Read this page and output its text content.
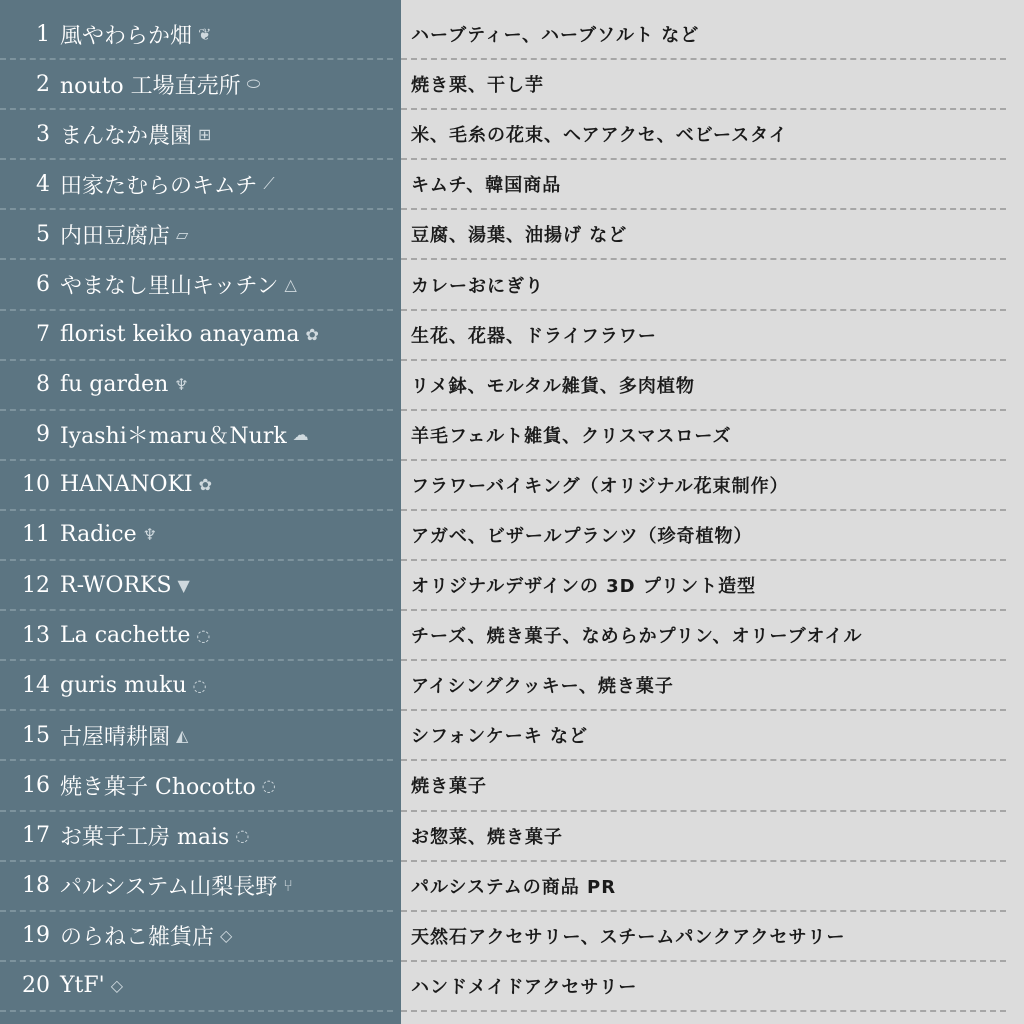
1 風やわらか畑 ❦
2 nouto 工場直売所 ⬭
3 まんなか農園 ⊞
4 田家たむらのキムチ ⟋
5 内田豆腐店 ▱
6 やまなし里山キッチン △
7 florist keiko anayama ✿
8 fu garden ♆
9 Iyashi＊maru＆Nurk ☁
10 HANANOKI ✿
11 Radice ♆
12 R-WORKS ▼
13 La cachette ◌
14 guris muku ◌
15 古屋晴耕園 ◭
16 焼き菓子 Chocotto ◌
17 お菓子工房 mais ◌
18 パルシステム山梨長野 ⑂
19 のらねこ雑貨店 ◇
20 YtF' ◇
ハーブティー、ハーブソルト など
焼き栗、干し芋
米、毛糸の花束、ヘアアクセ、ベビースタイ
キムチ、韓国商品
豆腐、湯葉、油揚げ など
カレーおにぎり
生花、花器、ドライフラワー
リメ鉢、モルタル雑貨、多肉植物
羊毛フェルト雑貨、クリスマスローズ
フラワーバイキング（オリジナル花束制作）
アガベ、ビザールプランツ（珍奇植物）
オリジナルデザインの 3D プリント造型
チーズ、焼き菓子、なめらかプリン、オリーブオイル
アイシングクッキー、焼き菓子
シフォンケーキ など
焼き菓子
お惣菜、焼き菓子
パルシステムの商品 PR
天然石アクセサリー、スチームパンクアクセサリー
ハンドメイドアクセサリー
